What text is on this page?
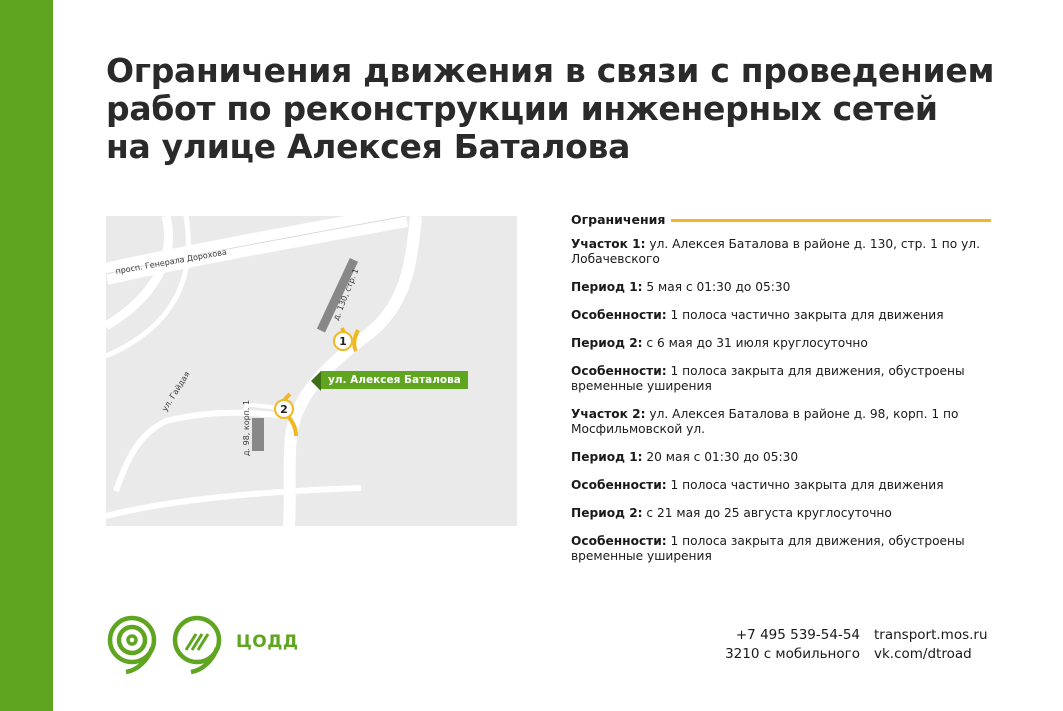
Ограничения движения в связи с проведением
работ по реконструкции инженерных сетей
на улице Алексея Баталова
просп. Генерала Дорохова
ул. Гайдая
д. 130, стр. 1
д. 98, корп. 1
1
2
ул. Алексея Баталова
Ограничения
Участок 1: ул. Алексея Баталова в районе д. 130, стр. 1 по ул. Лобачевского
Период 1: 5 мая с 01:30 до 05:30
Особенности: 1 полоса частично закрыта для движения
Период 2: с 6 мая до 31 июля круглосуточно
Особенности: 1 полоса закрыта для движения, обустроены временные уширения
Участок 2: ул. Алексея Баталова в районе д. 98, корп. 1 по Мосфильмовской ул.
Период 1: 20 мая с 01:30 до 05:30
Особенности: 1 полоса частично закрыта для движения
Период 2: с 21 мая до 25 августа круглосуточно
Особенности: 1 полоса закрыта для движения, обустроены временные уширения
ЦОДД	+7 495 539-54-54
3210 с мобильного
transport.mos.ru
vk.com/dtroad
